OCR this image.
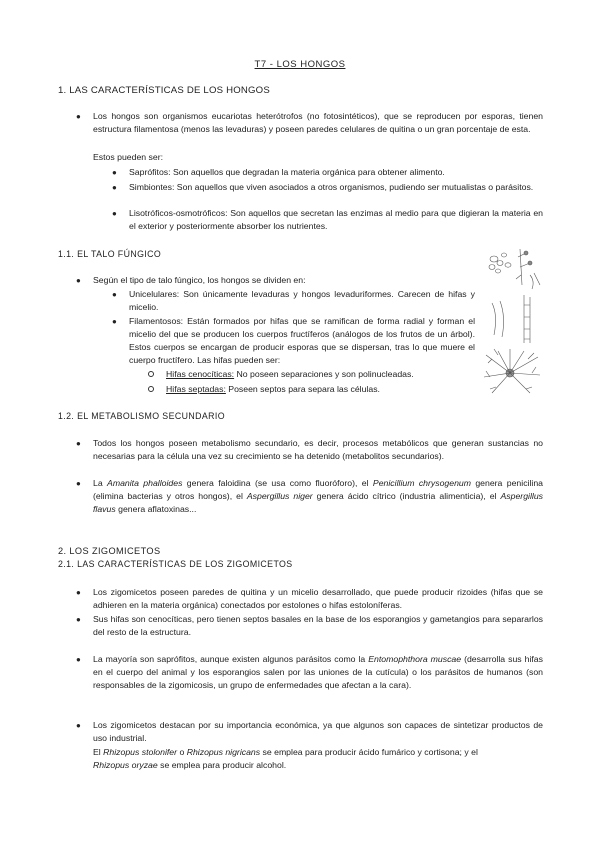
T7 - LOS HONGOS
1. LAS CARACTERÍSTICAS DE LOS HONGOS
● Los hongos son organismos eucariotas heterótrofos (no fotosintéticos), que se reproducen por esporas, tienen estructura filamentosa (menos las levaduras) y poseen paredes celulares de quitina o un gran porcentaje de esta.
Estos pueden ser:
● Saprófitos: Son aquellos que degradan la materia orgánica para obtener alimento.
● Simbiontes: Son aquellos que viven asociados a otros organismos, pudiendo ser mutualistas o parásitos.
● Lisotróficos-osmotróficos: Son aquellos que secretan las enzimas al medio para que digieran la materia en el exterior y posteriormente absorber los nutrientes.
1.1. EL TALO FÚNGICO
● Según el tipo de talo fúngico, los hongos se dividen en:
● Unicelulares: Son únicamente levaduras y hongos levaduriformes. Carecen de hifas y micelio.
● Filamentosos: Están formados por hifas que se ramifican de forma radial y forman el micelio del que se producen los cuerpos fructíferos (análogos de los frutos de un árbol). Estos cuerpos se encargan de producir esporas que se dispersan, tras lo que muere el cuerpo fructífero. Las hifas pueden ser:
Hifas cenocíticas: No poseen separaciones y son polinucleadas.
Hifas septadas: Poseen septos para separa las células.
1.2. EL METABOLISMO SECUNDARIO
● Todos los hongos poseen metabolismo secundario, es decir, procesos metabólicos que generan sustancias no necesarias para la célula una vez su crecimiento se ha detenido (metabolitos secundarios).
● La Amanita phalloides genera faloidina (se usa como fluoróforo), el Penicillium chrysogenum genera penicilina (elimina bacterias y otros hongos), el Aspergillus niger genera ácido cítrico (industria alimenticia), el Aspergillus flavus genera aflatoxinas...
2. LOS ZIGOMICETOS
2.1. LAS CARACTERÍSTICAS DE LOS ZIGOMICETOS
● Los zigomicetos poseen paredes de quitina y un micelio desarrollado, que puede producir rizoides (hifas que se adhieren en la materia orgánica) conectados por estolones o hifas estoloníferas.
● Sus hifas son cenocíticas, pero tienen septos basales en la base de los esporangios y gametangios para separarlos del resto de la estructura.
● La mayoría son saprófitos, aunque existen algunos parásitos como la Entomophthora muscae (desarrolla sus hifas en el cuerpo del animal y los esporangios salen por las uniones de la cutícula) o los parásitos de humanos (son responsables de la zigomicosis, un grupo de enfermedades que afectan a la cara).
● Los zigomicetos destacan por su importancia económica, ya que algunos son capaces de sintetizar productos de uso industrial.
El Rhizopus stolonifer o Rhizopus nigricans se emplea para producir ácido fumárico y cortisona; y el
Rhizopus oryzae se emplea para producir alcohol.
